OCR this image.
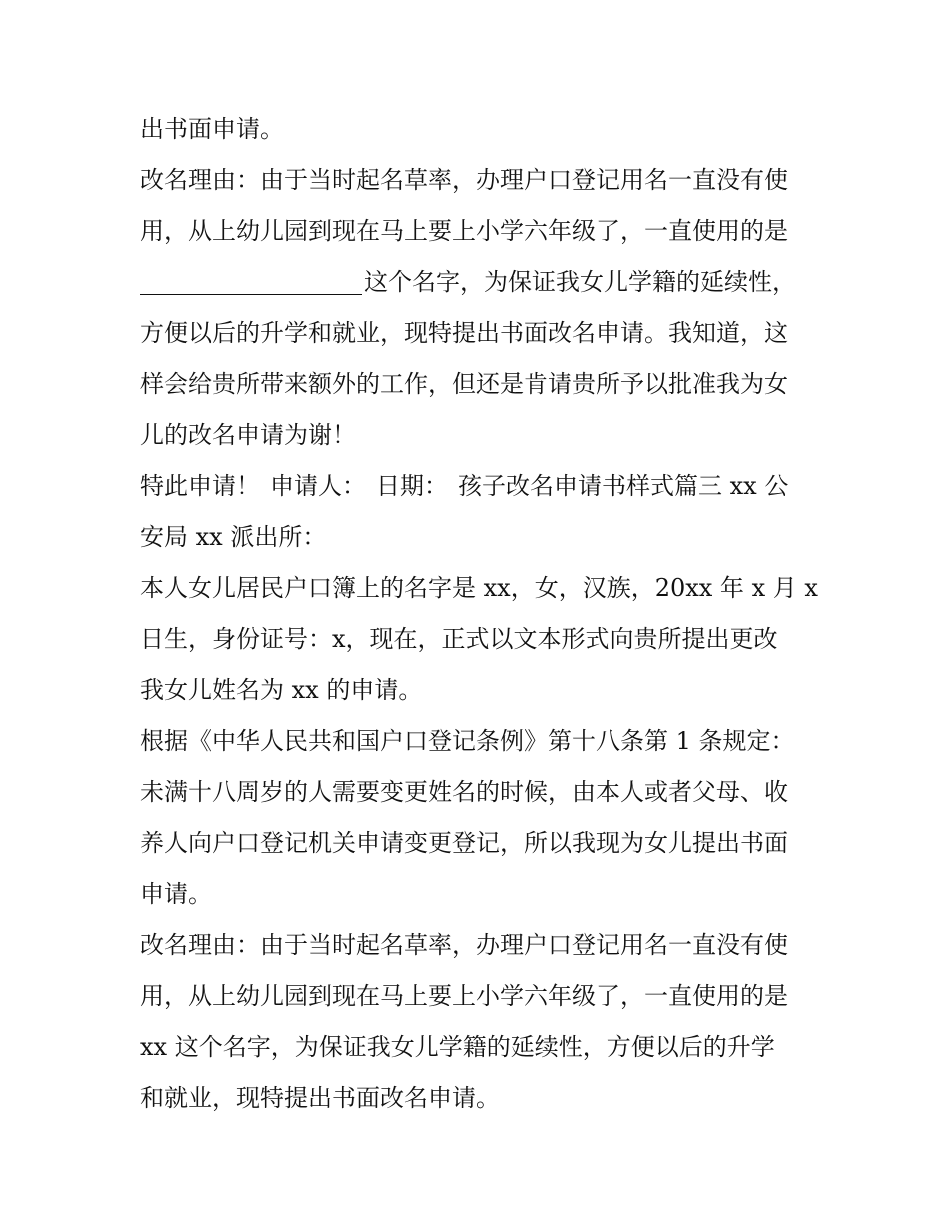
出书面申请。
改名理由：由于当时起名草率，办理户口登记用名一直没有使
用，从上幼儿园到现在马上要上小学六年级了，一直使用的是
这个名字，为保证我女儿学籍的延续性，
方便以后的升学和就业，现特提出书面改名申请。我知道，这
样会给贵所带来额外的工作，但还是肯请贵所予以批准我为女
儿的改名申请为谢！
特此申请！ 申请人： 日期： 孩子改名申请书样式篇三 xx 公
安局 xx 派出所：
本人女儿居民户口簿上的名字是 xx，女，汉族，20xx 年 x 月 x
日生，身份证号：x，现在，正式以文本形式向贵所提出更改
我女儿姓名为 xx 的申请。
根据《中华人民共和国户口登记条例》第十八条第 1 条规定：
未满十八周岁的人需要变更姓名的时候，由本人或者父母、收
养人向户口登记机关申请变更登记，所以我现为女儿提出书面
申请。
改名理由：由于当时起名草率，办理户口登记用名一直没有使
用，从上幼儿园到现在马上要上小学六年级了，一直使用的是
xx 这个名字，为保证我女儿学籍的延续性，方便以后的升学
和就业，现特提出书面改名申请。
